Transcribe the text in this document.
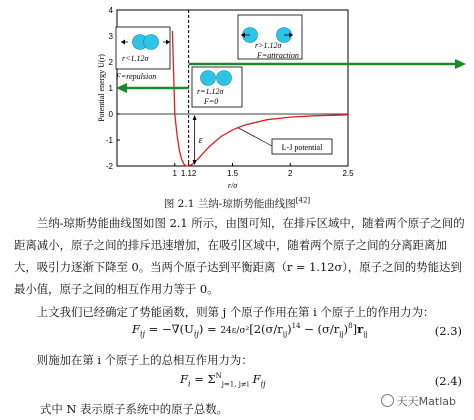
-2
-1
0
1
2
3
4
1 1.12	1.5	2	2.5
r/σ
Potential energy U(r)
ε
r<1.12σ
F=repulsion
r=1.12σ
F=0
r>1.12σ
F=attraction
L-J potential
图 2.1 兰纳-琼斯势能曲线图[42]
兰纳-琼斯势能曲线图如图 2.1 所示，由图可知，在排斥区域中，随着两个原子之间的距离减小，原子之间的排斥迅速增加，在吸引区域中，随着两个原子之间的分离距离加大，吸引力逐渐下降至 0。当两个原子达到平衡距离（r = 1.12σ），原子之间的势能达到最小值，原子之间的相互作用力等于 0。
上文我们已经确定了势能函数，则第 j 个原子作用在第 i 个原子上的作用力为：
$F_{ij} = -\nabla(U_{ij}) = 24\varepsilon/\sigma^2[2(\sigma/r_{ij})^{14} - (\sigma/r_{ij})^8]r_{ij}$	(2.3)
则施加在第 i 个原子上的总相互作用力为：
$F_i = \Sigma^N_{j=1, j\ne i}$ $F_{ij}$	(2.4)
式中 N 表示原子系统中的原子总数。
天天Matlab
